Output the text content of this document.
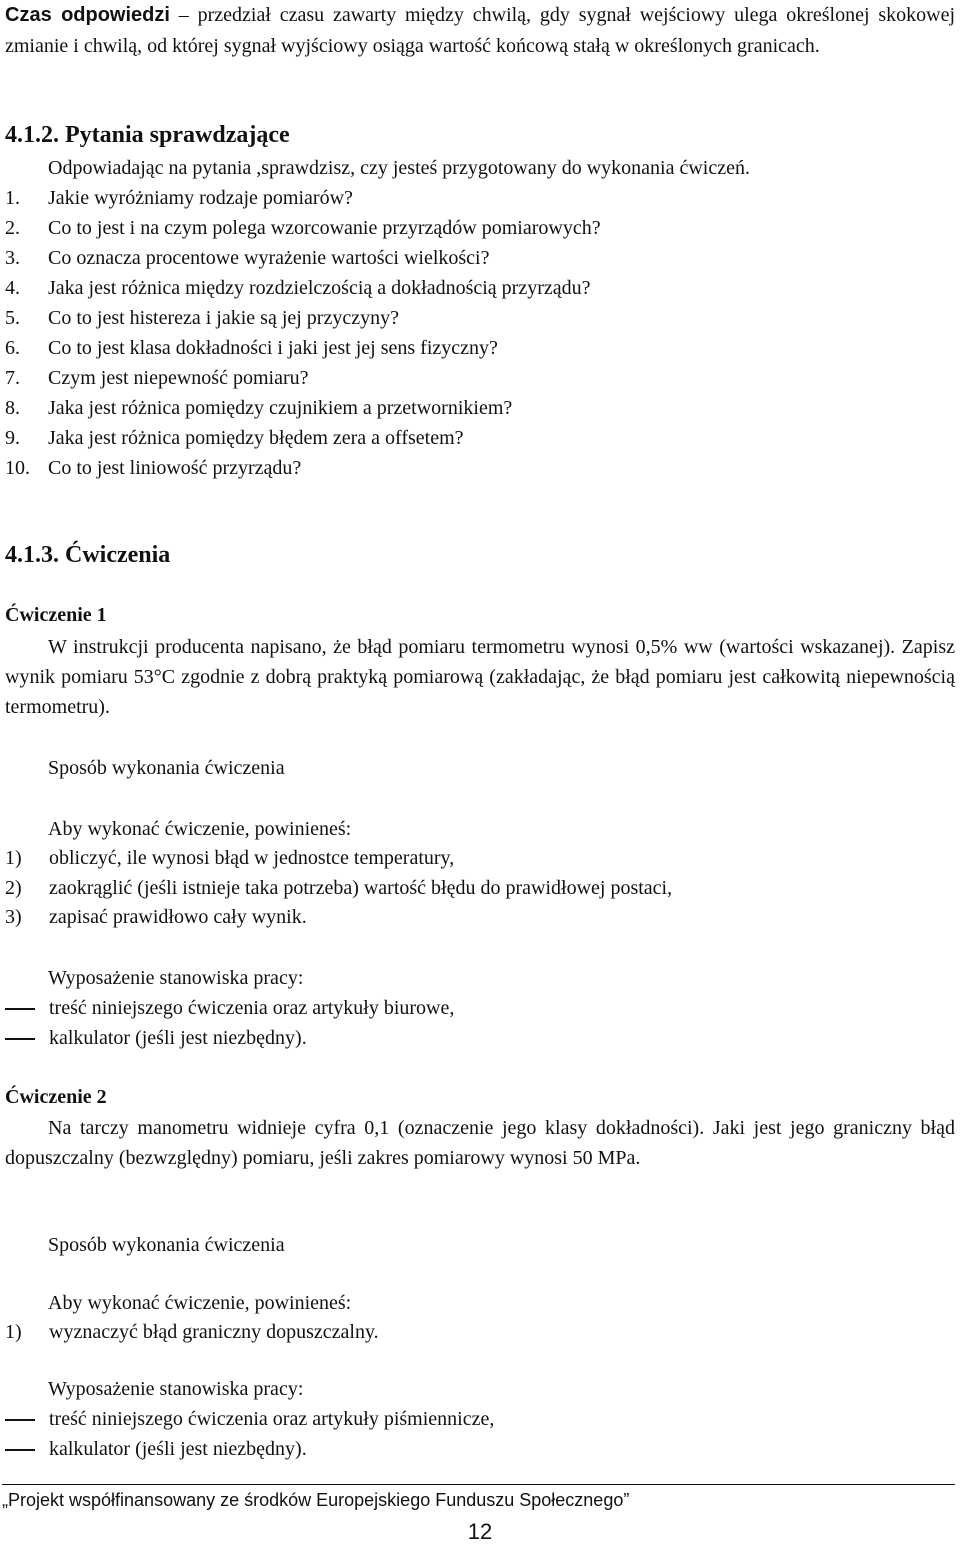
Czas odpowiedzi – przedział czasu zawarty między chwilą, gdy sygnał wejściowy ulega określonej skokowej zmianie i chwilą, od której sygnał wyjściowy osiąga wartość końcową stałą w określonych granicach.

4.1.2. Pytania sprawdzające
Odpowiadając na pytania ,sprawdzisz, czy jesteś przygotowany do wykonania ćwiczeń.
1. Jakie wyróżniamy rodzaje pomiarów?
2. Co to jest i na czym polega wzorcowanie przyrządów pomiarowych?
3. Co oznacza procentowe wyrażenie wartości wielkości?
4. Jaka jest różnica między rozdzielczością a dokładnością przyrządu?
5. Co to jest histereza i jakie są jej przyczyny?
6. Co to jest klasa dokładności i jaki jest jej sens fizyczny?
7. Czym jest niepewność pomiaru?
8. Jaka jest różnica pomiędzy czujnikiem a przetwornikiem?
9. Jaka jest różnica pomiędzy błędem zera a offsetem?
10. Co to jest liniowość przyrządu?
4.1.3. Ćwiczenia
Ćwiczenie 1

W instrukcji producenta napisano, że błąd pomiaru termometru wynosi 0,5% ww (wartości wskazanej). Zapisz wynik pomiaru 53°C zgodnie z dobrą praktyką pomiarową (zakładając, że błąd pomiaru jest całkowitą niepewnością termometru).

Sposób wykonania ćwiczenia
Aby wykonać ćwiczenie, powinieneś:
1) obliczyć, ile wynosi błąd w jednostce temperatury,
2) zaokrąglić (jeśli istnieje taka potrzeba) wartość błędu do prawidłowej postaci,
3) zapisać prawidłowo cały wynik.
Wyposażenie stanowiska pracy:
treść niniejszego ćwiczenia oraz artykuły biurowe,
kalkulator (jeśli jest niezbędny).
Ćwiczenie 2

Na tarczy manometru widnieje cyfra 0,1 (oznaczenie jego klasy dokładności). Jaki jest jego graniczny błąd dopuszczalny (bezwzględny) pomiaru, jeśli zakres pomiarowy wynosi 50 MPa.

Sposób wykonania ćwiczenia
Aby wykonać ćwiczenie, powinieneś:
1) wyznaczyć błąd graniczny dopuszczalny.
Wyposażenie stanowiska pracy:
treść niniejszego ćwiczenia oraz artykuły piśmiennicze,
kalkulator (jeśli jest niezbędny).
„Projekt współfinansowany ze środków Europejskiego Funduszu Społecznego”
12
